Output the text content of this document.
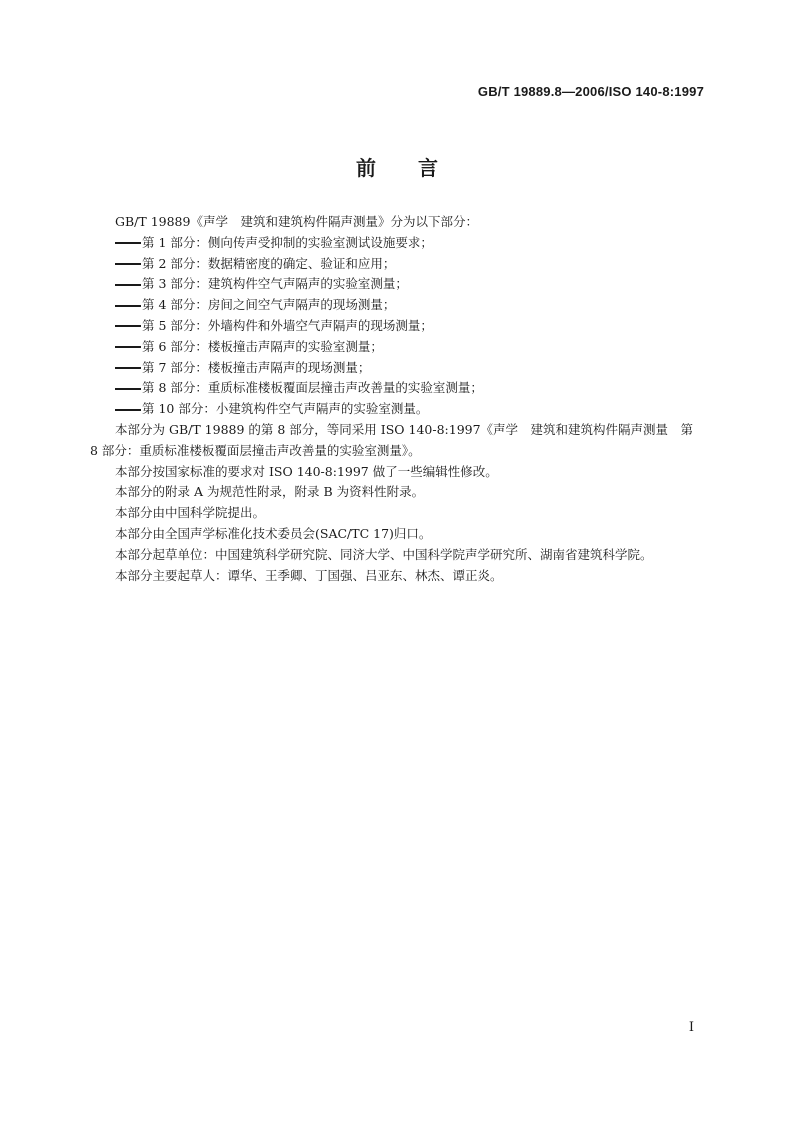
GB/T 19889.8—2006/ISO 140-8:1997
前言

GB/T 19889《声学　建筑和建筑构件隔声测量》分为以下部分：

第 1 部分：侧向传声受抑制的实验室测试设施要求；

第 2 部分：数据精密度的确定、验证和应用；

第 3 部分：建筑构件空气声隔声的实验室测量；

第 4 部分：房间之间空气声隔声的现场测量；

第 5 部分：外墙构件和外墙空气声隔声的现场测量；

第 6 部分：楼板撞击声隔声的实验室测量；

第 7 部分：楼板撞击声隔声的现场测量；

第 8 部分：重质标准楼板覆面层撞击声改善量的实验室测量；

第 10 部分：小建筑构件空气声隔声的实验室测量。

本部分为 GB/T 19889 的第 8 部分，等同采用 ISO 140-8:1997《声学　建筑和建筑构件隔声测量　第 8 部分：重质标准楼板覆面层撞击声改善量的实验室测量》。

本部分按国家标准的要求对 ISO 140-8:1997 做了一些编辑性修改。

本部分的附录 A 为规范性附录，附录 B 为资料性附录。

本部分由中国科学院提出。

本部分由全国声学标准化技术委员会(SAC/TC 17)归口。

本部分起草单位：中国建筑科学研究院、同济大学、中国科学院声学研究所、湖南省建筑科学院。

本部分主要起草人：谭华、王季卿、丁国强、吕亚东、林杰、谭正炎。

I
